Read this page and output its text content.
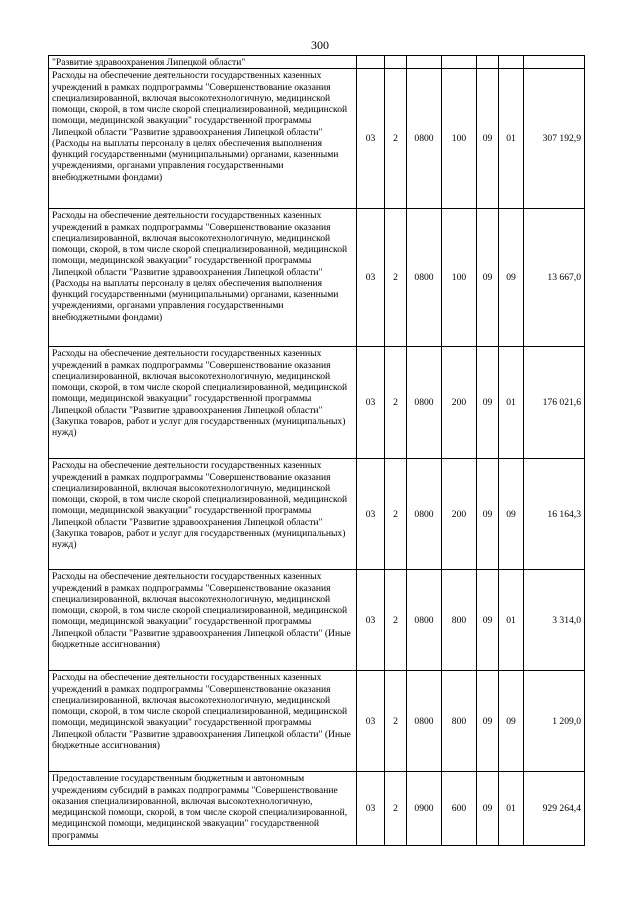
300
"Развитие здравоохранения Липецкой области"							
Расходы на обеспечение деятельности государственных казенных учреждений в рамках подпрограммы "Совершенствование оказания специализированной, включая высокотехнологичную, медицинской помощи, скорой, в том числе скорой специализированной, медицинской помощи, медицинской эвакуации" государственной программы Липецкой области "Развитие здравоохранения Липецкой области" (Расходы на выплаты персоналу в целях обеспечения выполнения функций государственными (муниципальными) органами, казенными учреждениями, органами управления государственными внебюджетными фондами)	03	2	0800	100	09	01	307 192,9
Расходы на обеспечение деятельности государственных казенных учреждений в рамках подпрограммы "Совершенствование оказания специализированной, включая высокотехнологичную, медицинской помощи, скорой, в том числе скорой специализированной, медицинской помощи, медицинской эвакуации" государственной программы Липецкой области "Развитие здравоохранения Липецкой области" (Расходы на выплаты персоналу в целях обеспечения выполнения функций государственными (муниципальными) органами, казенными учреждениями, органами управления государственными внебюджетными фондами)	03	2	0800	100	09	09	13 667,0
Расходы на обеспечение деятельности государственных казенных учреждений в рамках подпрограммы "Совершенствование оказания специализированной, включая высокотехнологичную, медицинской помощи, скорой, в том числе скорой специализированной, медицинской помощи, медицинской эвакуации" государственной программы Липецкой области "Развитие здравоохранения Липецкой области" (Закупка товаров, работ и услуг для государственных (муниципальных) нужд)	03	2	0800	200	09	01	176 021,6
Расходы на обеспечение деятельности государственных казенных учреждений в рамках подпрограммы "Совершенствование оказания специализированной, включая высокотехнологичную, медицинской помощи, скорой, в том числе скорой специализированной, медицинской помощи, медицинской эвакуации" государственной программы Липецкой области "Развитие здравоохранения Липецкой области" (Закупка товаров, работ и услуг для государственных (муниципальных) нужд)	03	2	0800	200	09	09	16 164,3
Расходы на обеспечение деятельности государственных казенных учреждений в рамках подпрограммы "Совершенствование оказания специализированной, включая высокотехнологичную, медицинской помощи, скорой, в том числе скорой специализированной, медицинской помощи, медицинской эвакуации" государственной программы Липецкой области "Развитие здравоохранения Липецкой области" (Иные бюджетные ассигнования)	03	2	0800	800	09	01	3 314,0
Расходы на обеспечение деятельности государственных казенных учреждений в рамках подпрограммы "Совершенствование оказания специализированной, включая высокотехнологичную, медицинской помощи, скорой, в том числе скорой специализированной, медицинской помощи, медицинской эвакуации" государственной программы Липецкой области "Развитие здравоохранения Липецкой области" (Иные бюджетные ассигнования)	03	2	0800	800	09	09	1 209,0
Предоставление государственным бюджетным и автономным учреждениям субсидий в рамках подпрограммы "Совершенствование оказания специализированной, включая высокотехнологичную, медицинской помощи, скорой, в том числе скорой специализированной, медицинской помощи, медицинской эвакуации" государственной программы	03	2	0900	600	09	01	929 264,4
